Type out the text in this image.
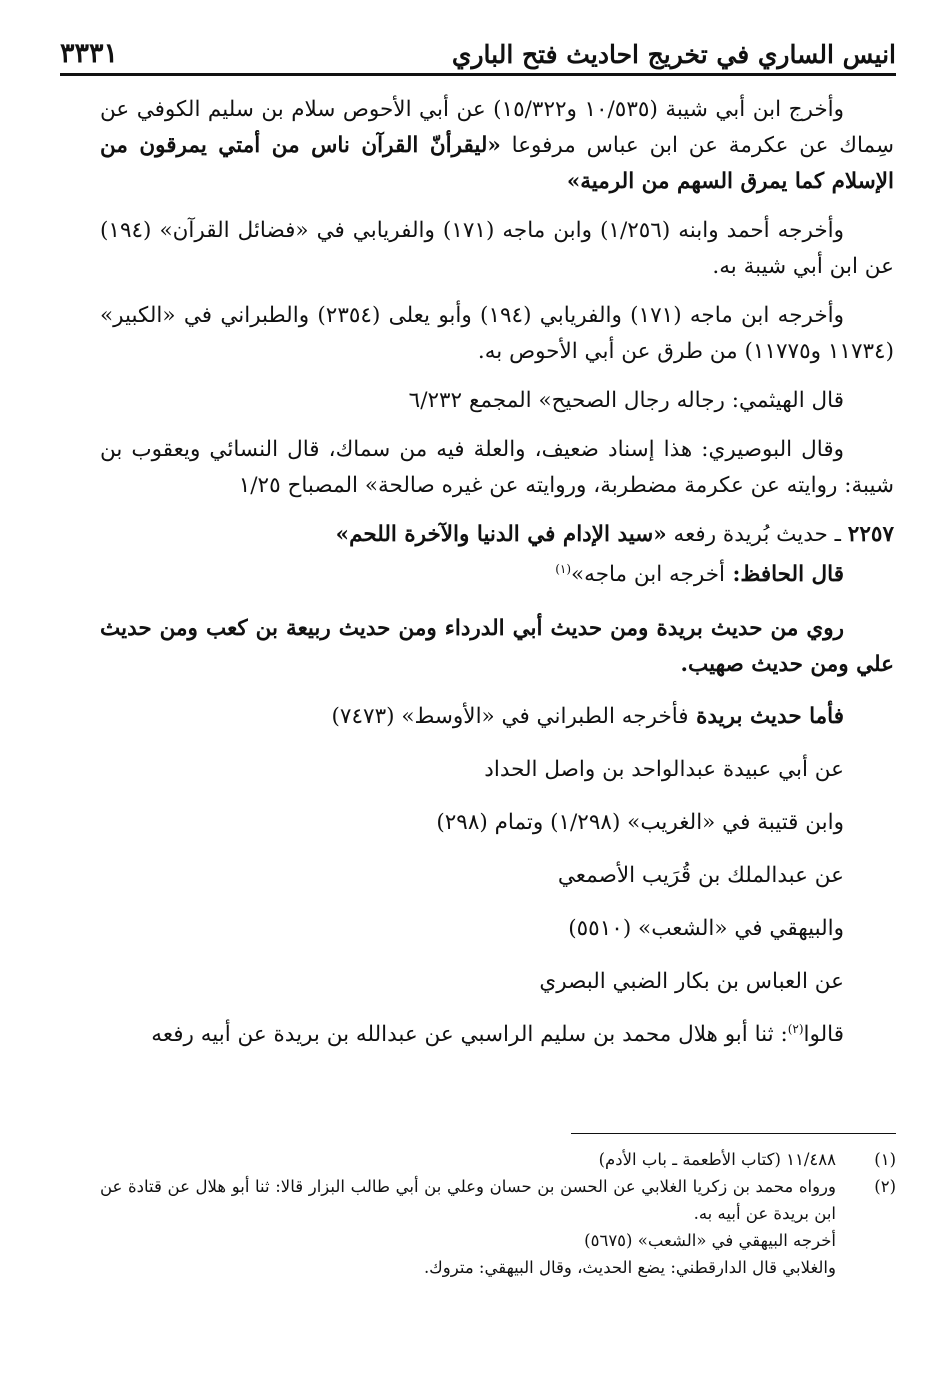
انيس الساري في تخريج احاديث فتح الباري
٣٣٣١

وأخرج ابن أبي شيبة (١٠/٥٣٥ و١٥/٣٢٢) عن أبي الأحوص سلام بن سليم الكوفي عن سِماك عن عكرمة عن ابن عباس مرفوعا «ليقرأنّ القرآن ناس من أمتي يمرقون من الإسلام كما يمرق السهم من الرمية»

وأخرجه أحمد وابنه (١/٢٥٦) وابن ماجه (١٧١) والفريابي في «فضائل القرآن» (١٩٤) عن ابن أبي شيبة به.

وأخرجه ابن ماجه (١٧١) والفريابي (١٩٤) وأبو يعلى (٢٣٥٤) والطبراني في «الكبير» (١١٧٣٤ و١١٧٧٥) من طرق عن أبي الأحوص به.

قال الهيثمي: رجاله رجال الصحيح» المجمع ٦/٢٣٢

وقال البوصيري: هذا إسناد ضعيف، والعلة فيه من سماك، قال النسائي ويعقوب بن شيبة: روايته عن عكرمة مضطربة، وروايته عن غيره صالحة» المصباح ١/٢٥

٢٢٥٧ ـ حديث بُريدة رفعه «سيد الإدام في الدنيا والآخرة اللحم»

قال الحافظ: أخرجه ابن ماجه»$^{(١)}$

روي من حديث بريدة ومن حديث أبي الدرداء ومن حديث ربيعة بن كعب ومن حديث علي ومن حديث صهيب.

فأما حديث بريدة فأخرجه الطبراني في «الأوسط» (٧٤٧٣)

عن أبي عبيدة عبدالواحد بن واصل الحداد

وابن قتيبة في «الغريب» (١/٢٩٨) وتمام (٢٩٨)

عن عبدالملك بن قُرَيب الأصمعي

والبيهقي في «الشعب» (٥٥١٠)

عن العباس بن بكار الضبي البصري

قالوا$^{(٢)}$: ثنا أبو هلال محمد بن سليم الراسبي عن عبدالله بن بريدة عن أبيه رفعه

(١)
١١/٤٨٨ (كتاب الأطعمة ـ باب الأدم)
(٢)
ورواه محمد بن زكريا الغلابي عن الحسن بن حسان وعلي بن أبي طالب البزار قالا: ثنا أبو هلال عن قتادة عن ابن بريدة عن أبيه به.
أخرجه البيهقي في «الشعب» (٥٦٧٥)
والغلابي قال الدارقطني: يضع الحديث، وقال البيهقي: متروك.
